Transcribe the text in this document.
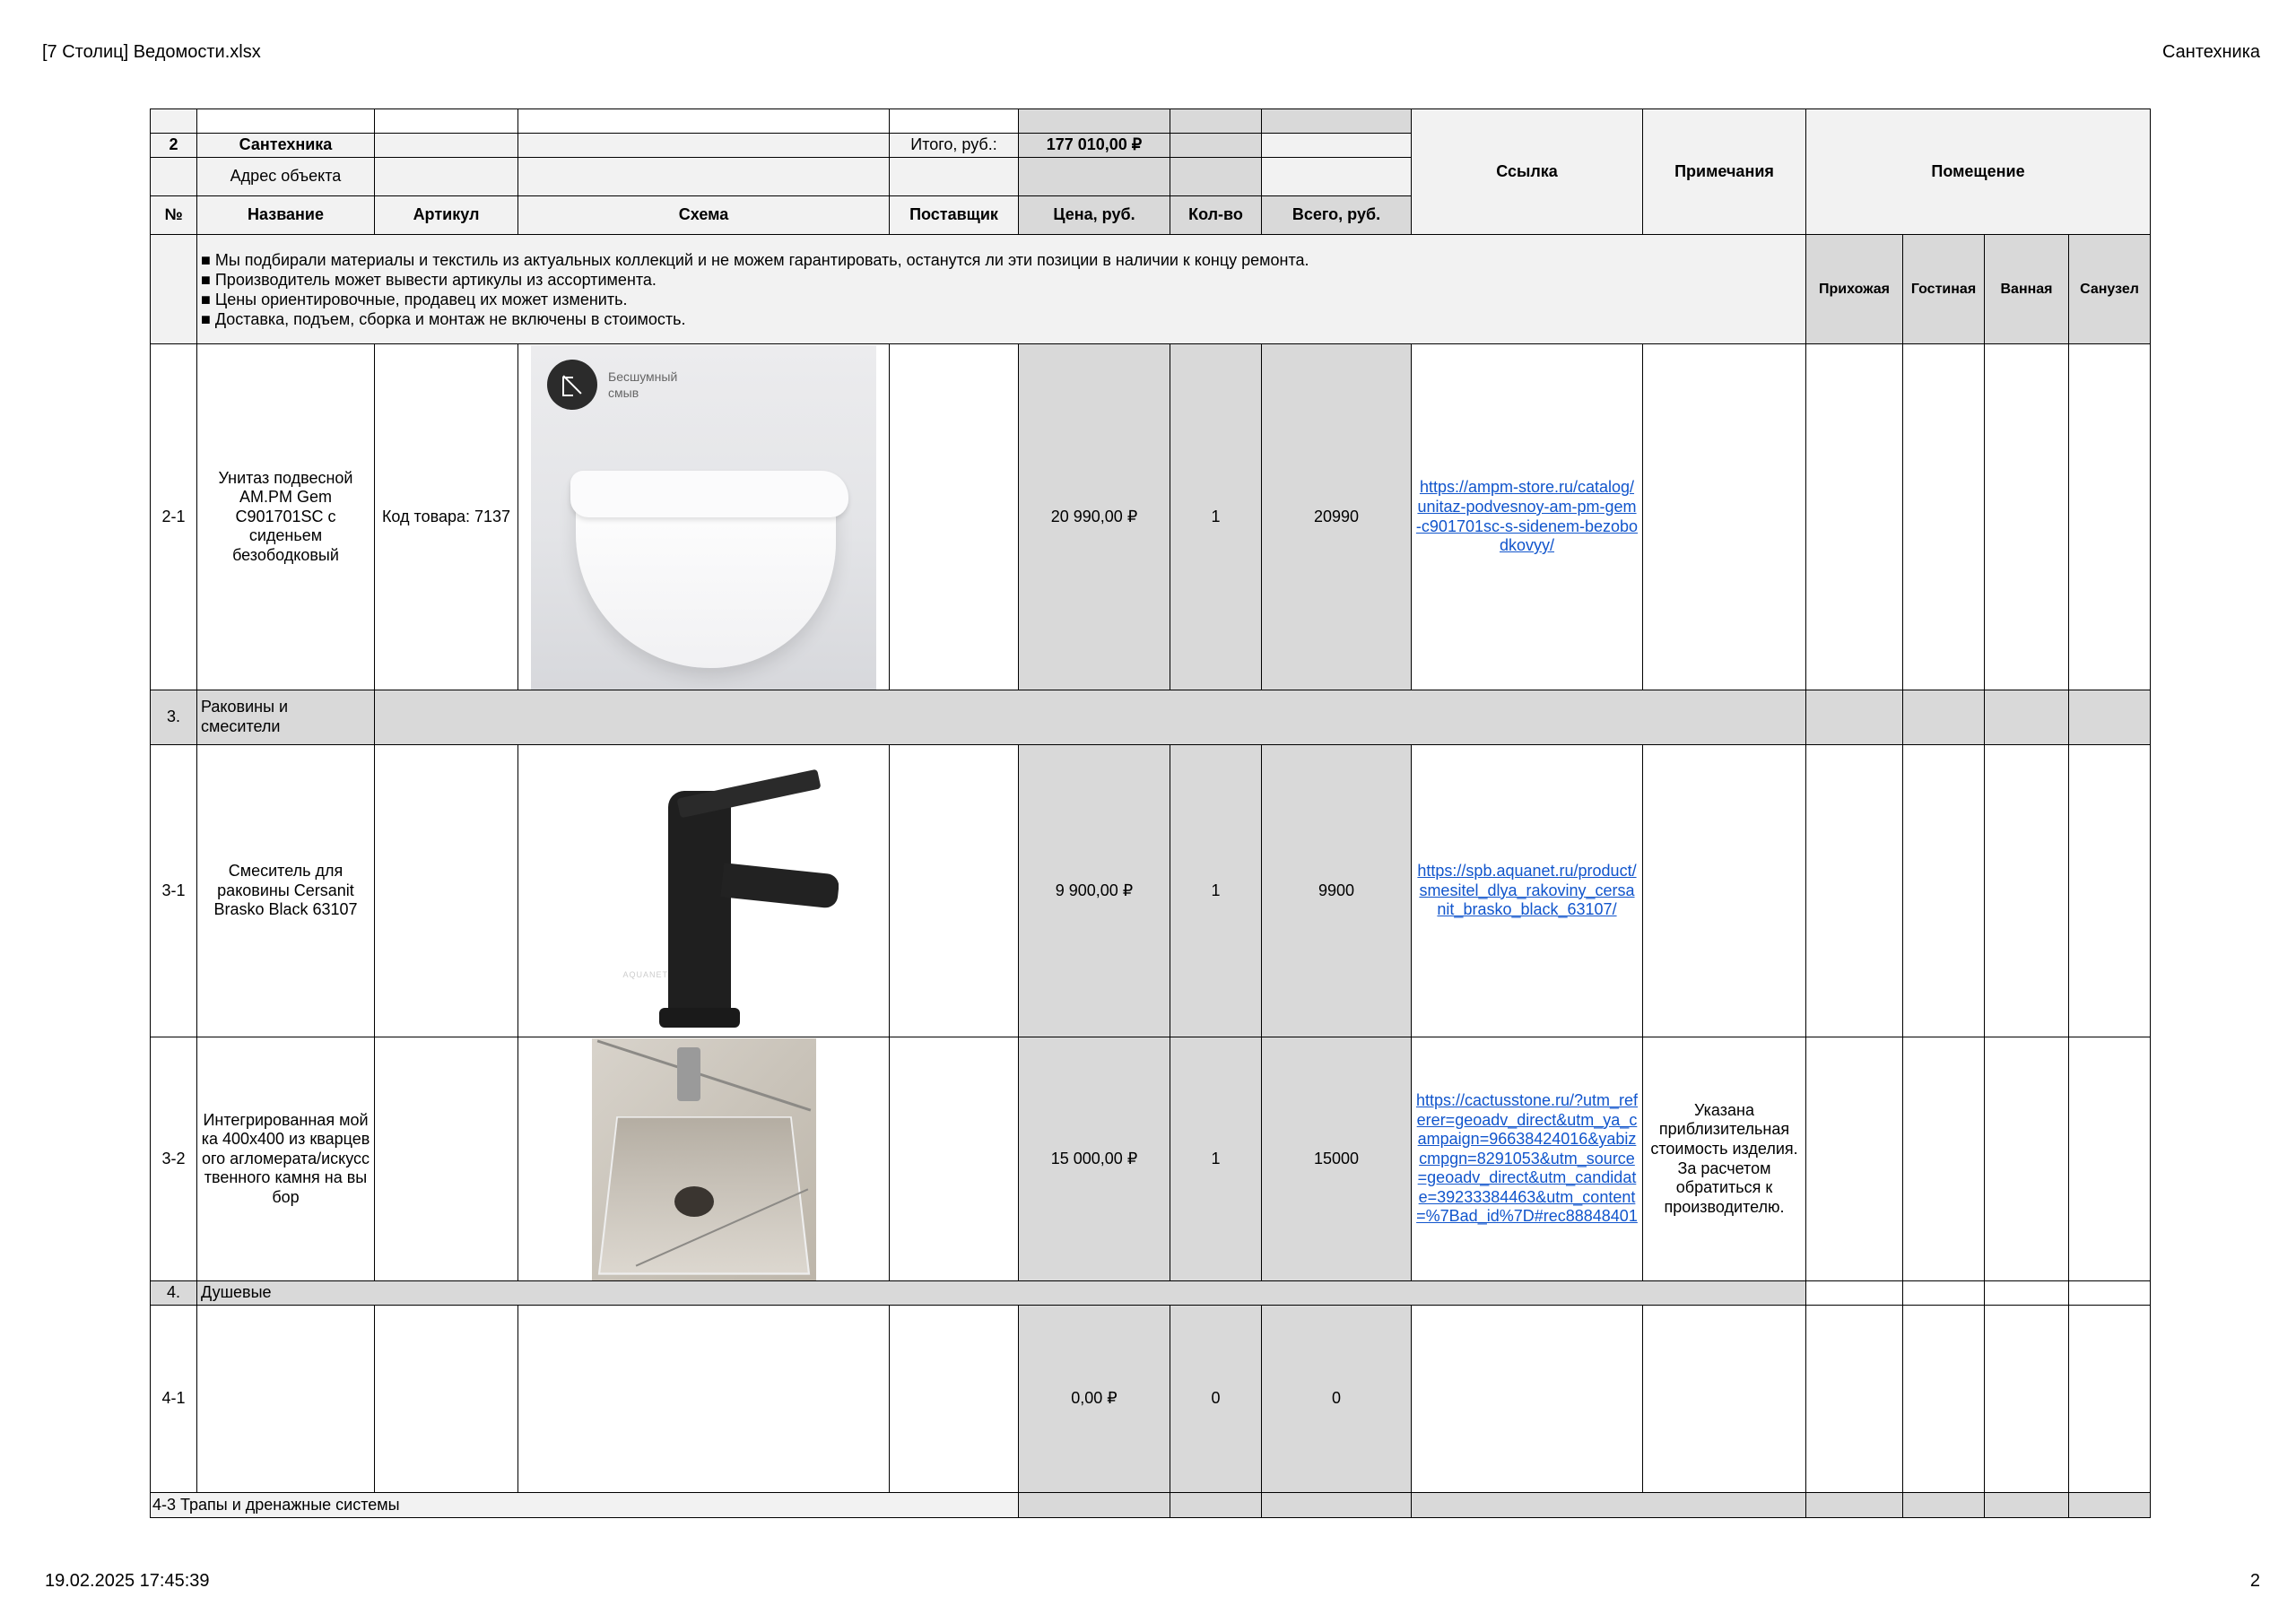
[7 Столиц] Ведомости.xlsx	Сантехника
								Ссылка	Примечания	Помещение			
2	Сантехника			Итого, руб.:	177 010,00 ₽								
	Адрес объекта												
№	Название	Артикул	Схема	Поставщик	Цена, руб.	Кол-во	Всего, руб.						

	■ Мы подбирали материалы и текстиль из актуальных коллекций и не можем гарантировать, останутся ли эти позиции в наличии к концу ремонта.
■ Производитель может вывести артикулы из ассортимента.
■ Цены ориентировочные, продавец их может изменить.
■ Доставка, подъем, сборка и монтаж не включены в стоимость.									Прихожая	Гостиная	Ванная	Санузел
2-1	Унитаз подвесной AM.PM Gem C901701SC с сиденьем безободковый	Код товара: 7137	Бесшумный смыв		20 990,00 ₽	1	20990	https://ampm-store.ru/catalog/unitaz-podvesnoy-am-pm-gem-c901701sc-s-sidenem-bezobodkovyy/					
3.	Раковины и смесители												

3-1	Смеситель для раковины Cersanit Brasko Black 63107		AQUANET		9 900,00 ₽	1	9900	https://spb.aquanet.ru/product/smesitel_dlya_rakoviny_cersanit_brasko_black_63107/					
3-2	Интегрированная мойка 400х400 из кварцевого агломерата/искусственного камня на выбор				15 000,00 ₽	1	15000	https://cactusstone.ru/?utm_referer=geoadv_direct&utm_ya_campaign=96638424016&yabizcmpgn=8291053&utm_source=geoadv_direct&utm_candidate=39233384463&utm_content=%7Bad_id%7D#rec88848401	Указана приблизительная стоимость изделия. За расчетом обратиться к производителю.				
4.	Душевые												
4-1					0,00 ₽	0	0						
4-3 Трапы и дренажные системы													
19.02.2025 17:45:39	2
